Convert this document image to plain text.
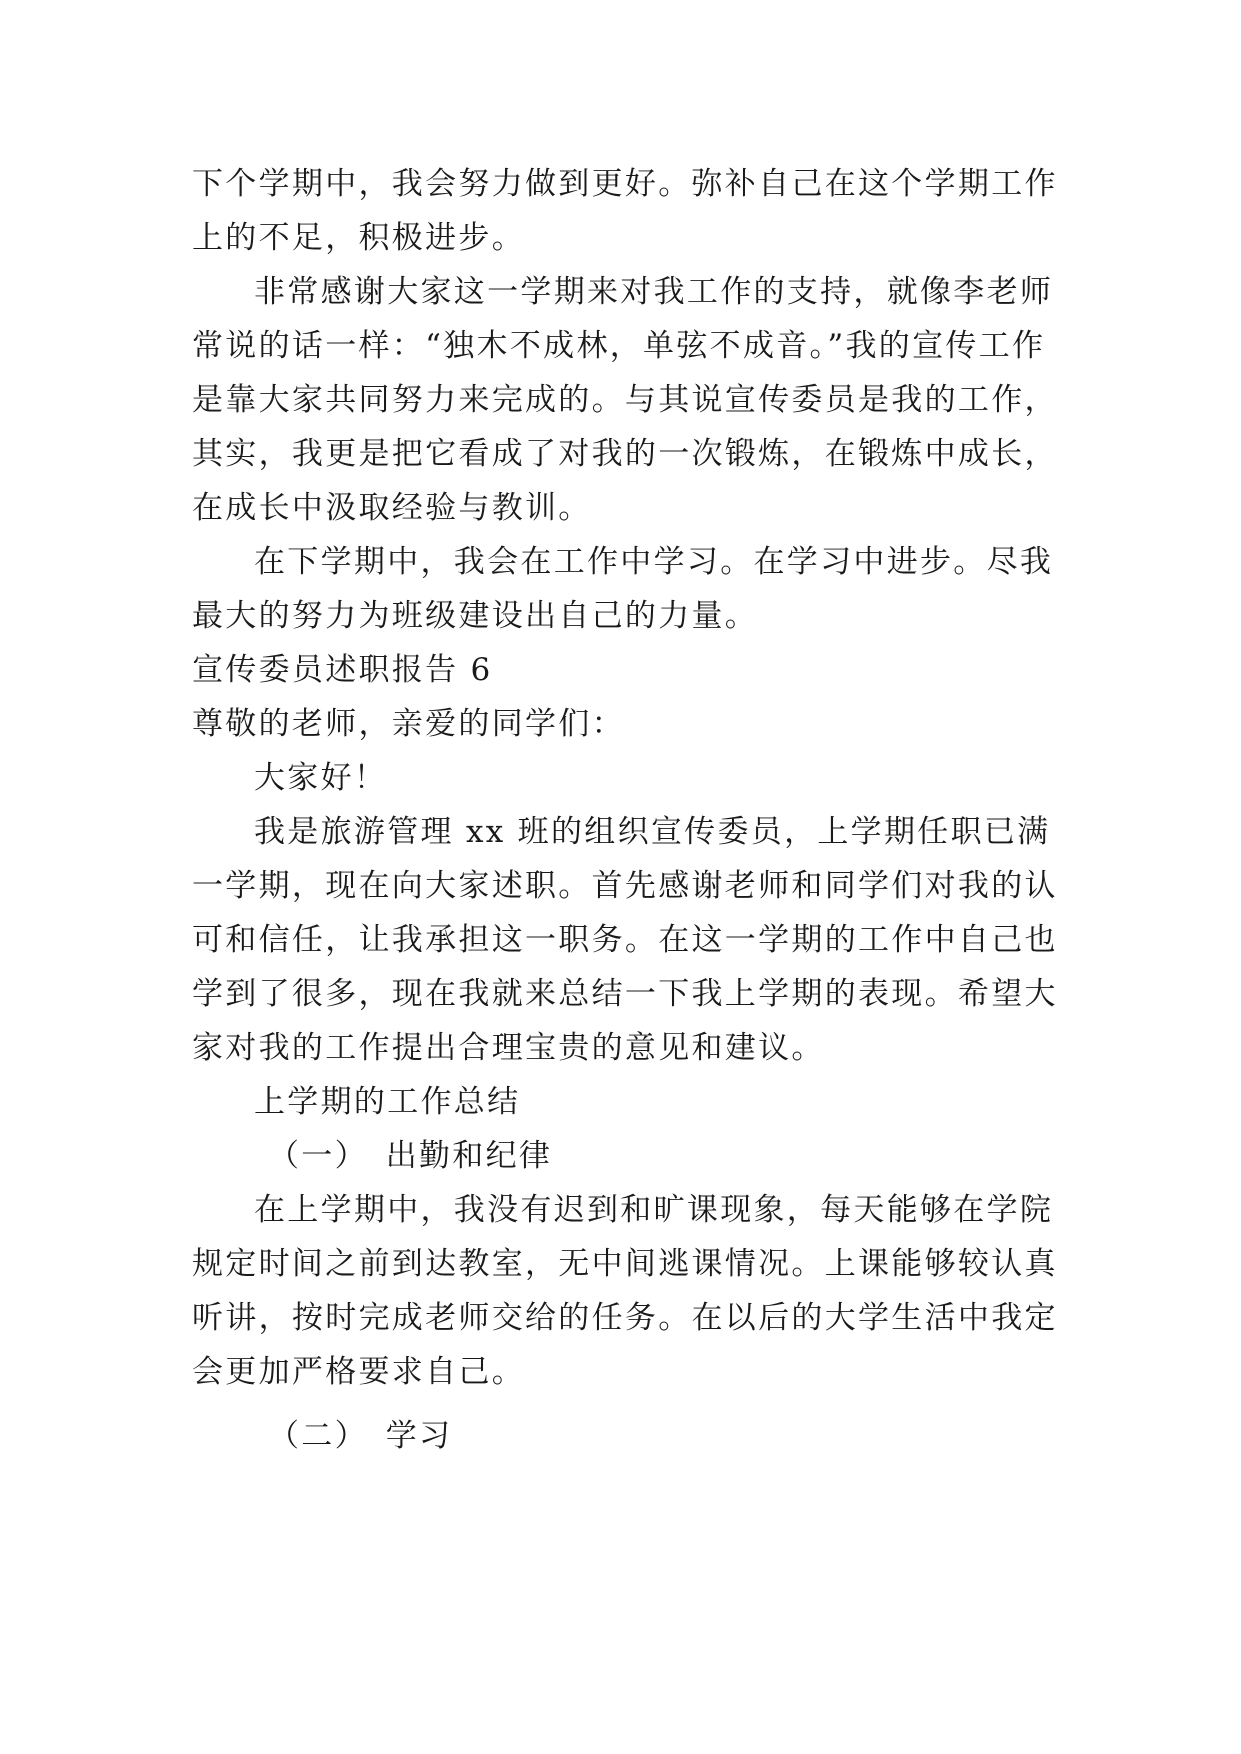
下个学期中，我会努力做到更好。弥补自己在这个学期工作
上的不足，积极进步。
非常感谢大家这一学期来对我工作的支持，就像李老师
常说的话一样：“独木不成林，单弦不成音。”我的宣传工作
是靠大家共同努力来完成的。与其说宣传委员是我的工作，
其实，我更是把它看成了对我的一次锻炼，在锻炼中成长，
在成长中汲取经验与教训。
在下学期中，我会在工作中学习。在学习中进步。尽我
最大的努力为班级建设出自己的力量。
宣传委员述职报告 6
尊敬的老师，亲爱的同学们：
大家好！
我是旅游管理 xx 班的组织宣传委员，上学期任职已满
一学期，现在向大家述职。首先感谢老师和同学们对我的认
可和信任，让我承担这一职务。在这一学期的工作中自己也
学到了很多，现在我就来总结一下我上学期的表现。希望大
家对我的工作提出合理宝贵的意见和建议。
上学期的工作总结
（一）　出勤和纪律
在上学期中，我没有迟到和旷课现象，每天能够在学院
规定时间之前到达教室，无中间逃课情况。上课能够较认真
听讲，按时完成老师交给的任务。在以后的大学生活中我定
会更加严格要求自己。
（二）　学习
